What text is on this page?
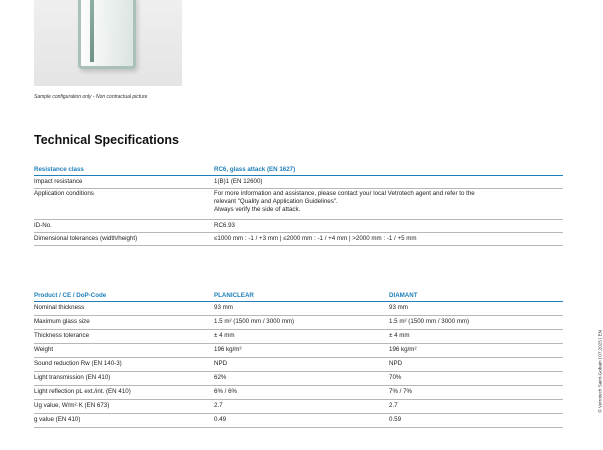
Sample configuration only - Non contractual picture
Technical Specifications
Resistance class	RC6, glass attack (EN 1627)
Impact resistance	1(B)1 (EN 12600)
Application conditions	For more information and assistance, please contact your local Vetrotech agent and refer to the
relevant "Quality and Application Guidelines".
Always verify the side of attack.
ID-No.	RC6.93
Dimensional tolerances (width/height)	≤1000 mm : -1 / +3 mm | ≤2000 mm : -1 / +4 mm | >2000 mm : -1 / +5 mm
Product / CE / DoP-Code	PLANICLEAR	DIAMANT
Nominal thickness	93 mm	93 mm
Maximum glass size	1.5 m² (1500 mm / 3000 mm)	1.5 m² (1500 mm / 3000 mm)
Thickness tolerance	± 4 mm	± 4 mm
Weight	196 kg/m²	196 kg/m²
Sound reduction Rw (EN 140-3)	NPD	NPD
Light transmission (EN 410)	62%	70%
Light reflection pL ext./int. (EN 410)	6% / 6%	7% / 7%
Ug value, W/m²·K (EN 673)	2.7	2.7
g value (EN 410)	0.49	0.59
© Vetrotech Saint-Gobain | 07.2025 | EN
